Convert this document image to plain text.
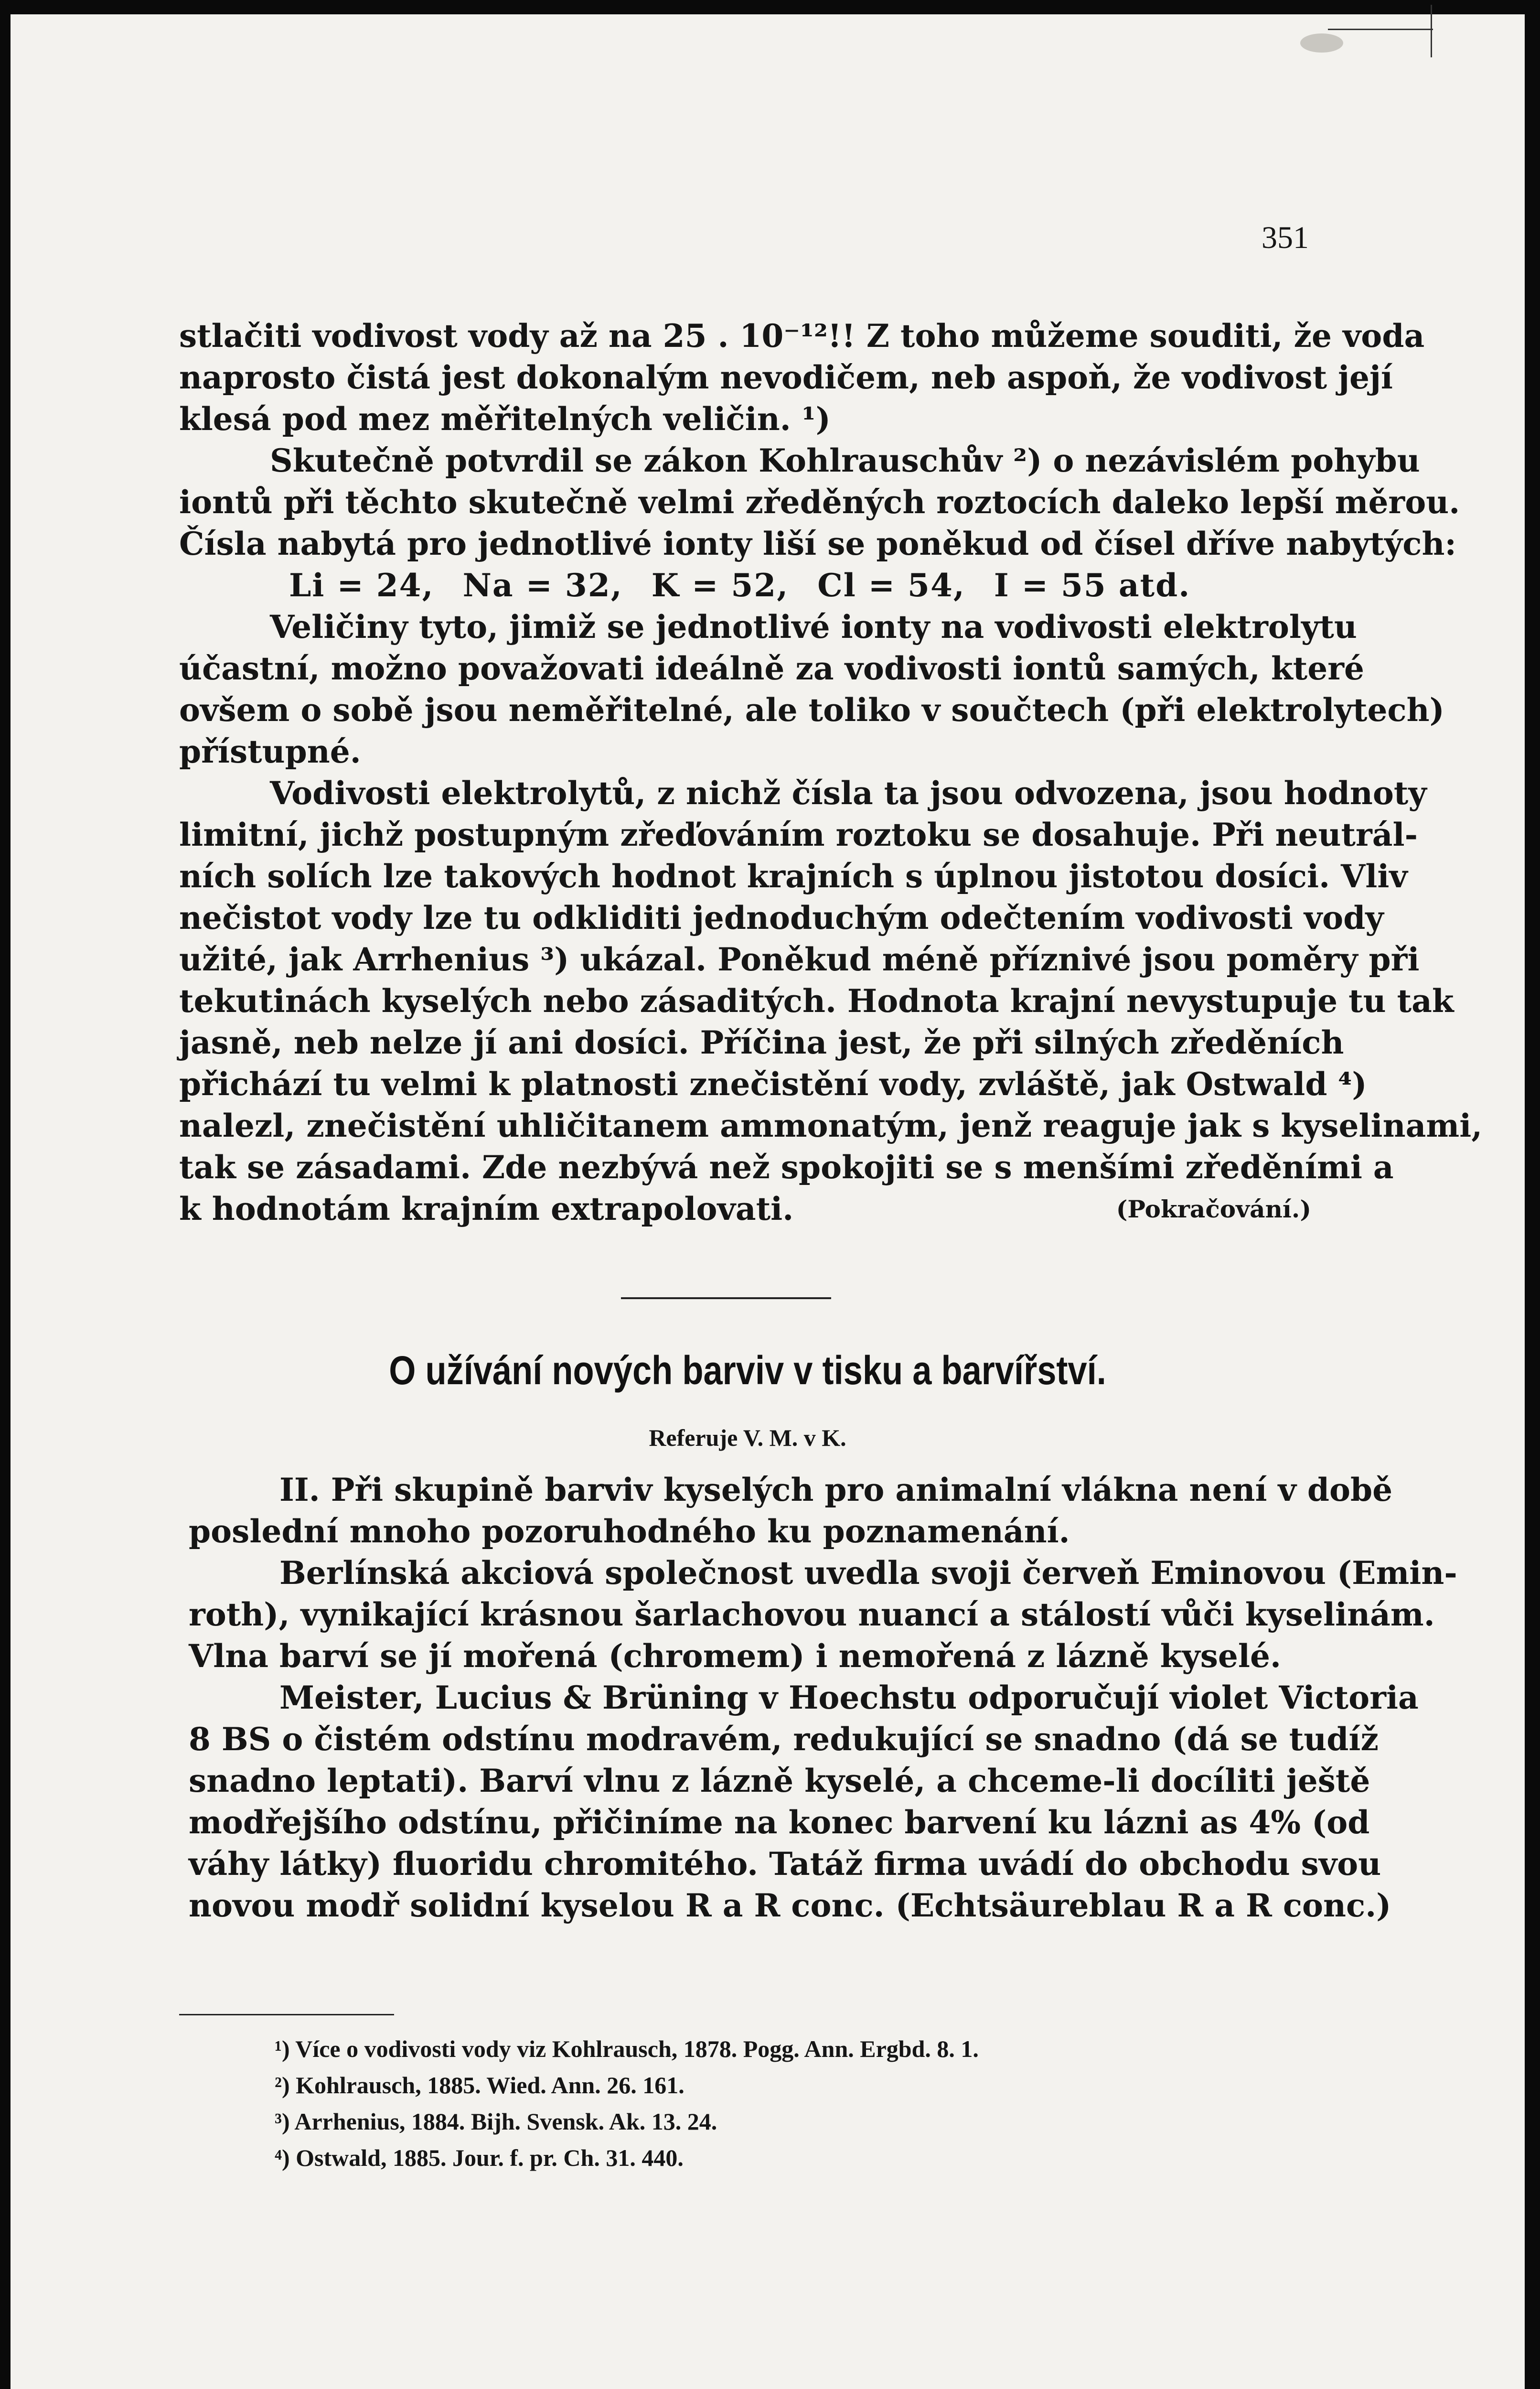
351
stlačiti vodivost vody až na 25 . 10⁻¹²!! Z toho můžeme souditi, že voda
naprosto čistá jest dokonalým nevodičem, neb aspoň, že vodivost její
klesá pod mez měřitelných veličin. ¹)
Skutečně potvrdil se zákon Kohlrauschův ²) o nezávislém pohybu
iontů při těchto skutečně velmi zředěných roztocích daleko lepší měrou.
Čísla nabytá pro jednotlivé ionty liší se poněkud od čísel dříve nabytých:
Li = 24, Na = 32, K = 52, Cl = 54, I = 55 atd.
Veličiny tyto, jimiž se jednotlivé ionty na vodivosti elektrolytu
účastní, možno považovati ideálně za vodivosti iontů samých, které
ovšem o sobě jsou neměřitelné, ale toliko v součtech (při elektrolytech)
přístupné.
Vodivosti elektrolytů, z nichž čísla ta jsou odvozena, jsou hodnoty
limitní, jichž postupným zřeďováním roztoku se dosahuje. Při neutrál-
ních solích lze takových hodnot krajních s úplnou jistotou dosíci. Vliv
nečistot vody lze tu odkliditi jednoduchým odečtením vodivosti vody
užité, jak Arrhenius ³) ukázal. Poněkud méně příznivé jsou poměry při
tekutinách kyselých nebo zásaditých. Hodnota krajní nevystupuje tu tak
jasně, neb nelze jí ani dosíci. Příčina jest, že při silných zředěních
přichází tu velmi k platnosti znečistění vody, zvláště, jak Ostwald ⁴)
nalezl, znečistění uhličitanem ammonatým, jenž reaguje jak s kyselinami,
tak se zásadami. Zde nezbývá než spokojiti se s menšími zředěními a
k hodnotám krajním extrapolovati.	(Pokračování.)
O užívání nových barviv v tisku a barvířství.
Referuje V. M. v K.
II. Při skupině barviv kyselých pro animalní vlákna není v době
poslední mnoho pozoruhodného ku poznamenání.
Berlínská akciová společnost uvedla svoji červeň Eminovou (Emin-
roth), vynikající krásnou šarlachovou nuancí a stálostí vůči kyselinám.
Vlna barví se jí mořená (chromem) i nemořená z lázně kyselé.
Meister, Lucius & Brüning v Hoechstu odporučují violet Victoria
8 BS o čistém odstínu modravém, redukující se snadno (dá se tudíž
snadno leptati). Barví vlnu z lázně kyselé, a chceme-li docíliti ještě
modřejšího odstínu, přičiníme na konec barvení ku lázni as 4% (od
váhy látky) fluoridu chromitého. Tatáž firma uvádí do obchodu svou
novou modř solidní kyselou R a R conc. (Echtsäureblau R a R conc.)
¹) Více o vodivosti vody viz Kohlrausch, 1878. Pogg. Ann. Ergbd. 8. 1.
²) Kohlrausch, 1885. Wied. Ann. 26. 161.
³) Arrhenius, 1884. Bijh. Svensk. Ak. 13. 24.
⁴) Ostwald, 1885. Jour. f. pr. Ch. 31. 440.
